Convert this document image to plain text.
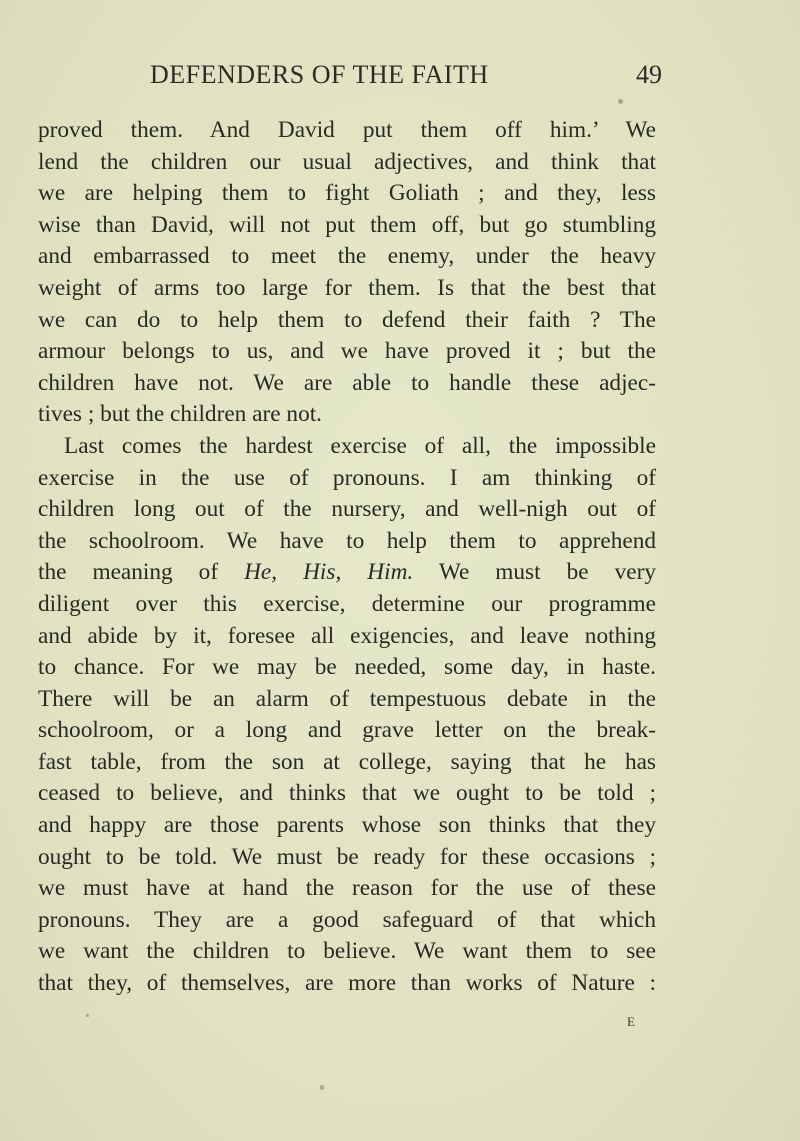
DEFENDERS OF THE FAITH	49
proved them. And David put them off him.’ We
lend the children our usual adjectives, and think that
we are helping them to fight Goliath ; and they, less
wise than David, will not put them off, but go stumbling
and embarrassed to meet the enemy, under the heavy
weight of arms too large for them. Is that the best that
we can do to help them to defend their faith ? The
armour belongs to us, and we have proved it ; but the
children have not. We are able to handle these adjec-
tives ; but the children are not.
Last comes the hardest exercise of all, the impossible
exercise in the use of pronouns. I am thinking of
children long out of the nursery, and well-nigh out of
the schoolroom. We have to help them to apprehend
the meaning of He, His, Him. We must be very
diligent over this exercise, determine our programme
and abide by it, foresee all exigencies, and leave nothing
to chance. For we may be needed, some day, in haste.
There will be an alarm of tempestuous debate in the
schoolroom, or a long and grave letter on the break-
fast table, from the son at college, saying that he has
ceased to believe, and thinks that we ought to be told ;
and happy are those parents whose son thinks that they
ought to be told. We must be ready for these occasions ;
we must have at hand the reason for the use of these
pronouns. They are a good safeguard of that which
we want the children to believe. We want them to see
that they, of themselves, are more than works of Nature :
E
